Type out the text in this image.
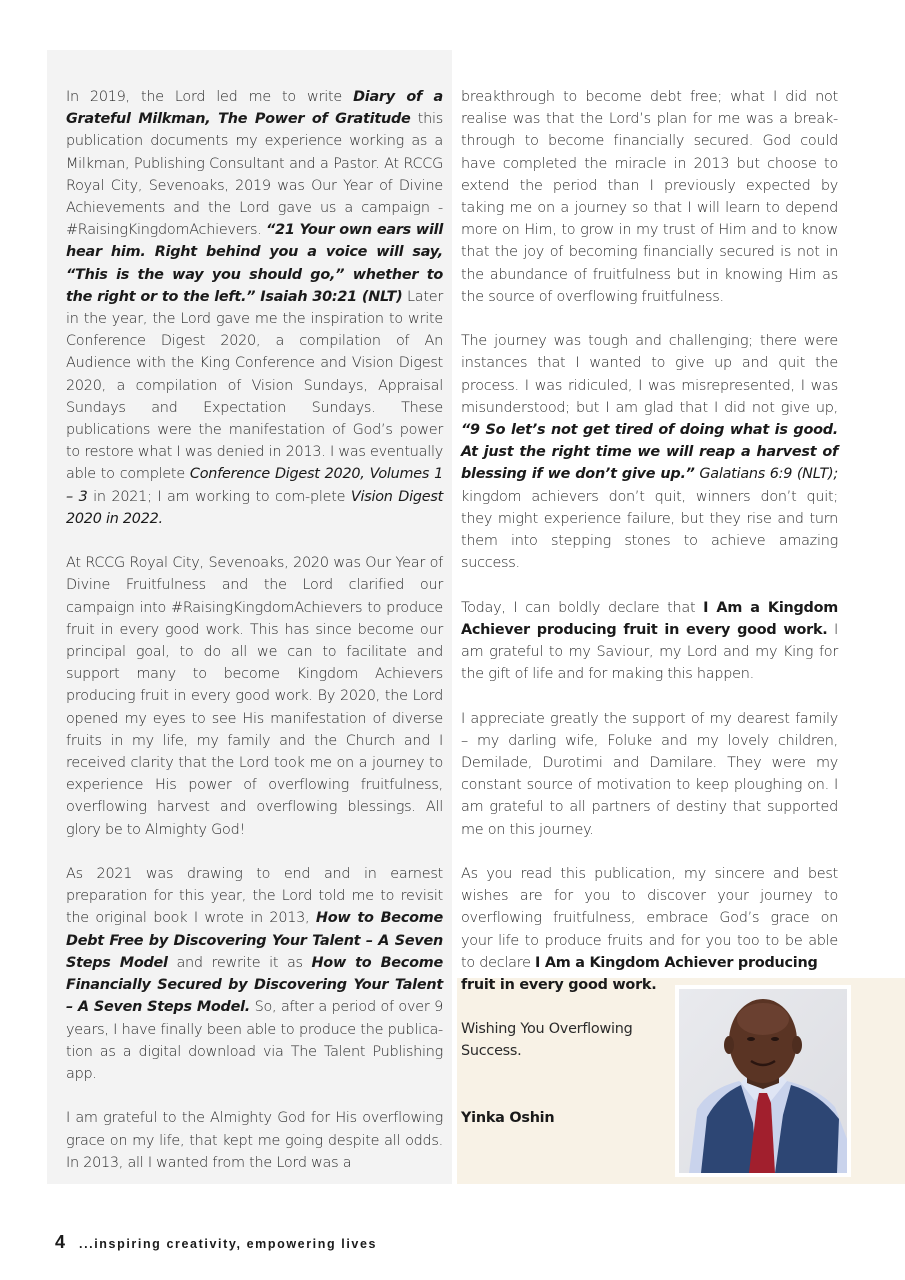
In 2019, the Lord led me to write Diary of a Grateful Milkman, The Power of Gratitude this publication documents my experience working as a Milkman, Publishing Consultant and a Pastor. At RCCG Royal City, Sevenoaks, 2019 was Our Year of Divine Achievements and the Lord gave us a campaign - #RaisingKingdomAchievers. “21 Your own ears will hear him. Right behind you a voice will say, “This is the way you should go,” whether to the right or to the left.” Isaiah 30:21 (NLT) Later in the year, the Lord gave me the inspiration to write Conference Digest 2020, a compilation of An Audience with the King Conference and Vision Digest 2020, a compilation of Vision Sundays, Appraisal Sundays and Expectation Sundays. These publications were the manifestation of God’s power to restore what I was denied in 2013. I was eventually able to complete Conference Digest 2020, Volumes 1 – 3 in 2021; I am working to com-plete Vision Digest 2020 in 2022.

At RCCG Royal City, Sevenoaks, 2020 was Our Year of Divine Fruitfulness and the Lord clarified our campaign into #RaisingKingdomAchievers to produce fruit in every good work. This has since become our principal goal, to do all we can to facilitate and support many to become Kingdom Achievers producing fruit in every good work. By 2020, the Lord opened my eyes to see His manifestation of diverse fruits in my life, my family and the Church and I received clarity that the Lord took me on a journey to experience His power of overflowing fruitfulness, overflowing harvest and overflowing blessings. All glory be to Almighty God!

As 2021 was drawing to end and in earnest preparation for this year, the Lord told me to revisit the original book I wrote in 2013, How to Become Debt Free by Discovering Your Talent – A Seven Steps Model and rewrite it as How to Become Financially Secured by Discovering Your Talent – A Seven Steps Model. So, after a period of over 9 years, I have finally been able to produce the publica-tion as a digital download via The Talent Publishing app.

I am grateful to the Almighty God for His overflowing grace on my life, that kept me going despite all odds. In 2013, all I wanted from the Lord was a

breakthrough to become debt free; what I did not realise was that the Lord’s plan for me was a break-through to become financially secured. God could have completed the miracle in 2013 but choose to extend the period than I previously expected by taking me on a journey so that I will learn to depend more on Him, to grow in my trust of Him and to know that the joy of becoming financially secured is not in the abundance of fruitfulness but in knowing Him as the source of overflowing fruitfulness.

The journey was tough and challenging; there were instances that I wanted to give up and quit the process. I was ridiculed, I was misrepresented, I was misunderstood; but I am glad that I did not give up, “9 So let’s not get tired of doing what is good. At just the right time we will reap a harvest of blessing if we don’t give up.” Galatians 6:9 (NLT); kingdom achievers don’t quit, winners don’t quit; they might experience failure, but they rise and turn them into stepping stones to achieve amazing success.

Today, I can boldly declare that I Am a Kingdom Achiever producing fruit in every good work. I am grateful to my Saviour, my Lord and my King for the gift of life and for making this happen.

I appreciate greatly the support of my dearest family – my darling wife, Foluke and my lovely children, Demilade, Durotimi and Damilare. They were my constant source of motivation to keep ploughing on. I am grateful to all partners of destiny that supported me on this journey.

As you read this publication, my sincere and best wishes are for you to discover your journey to overflowing fruitfulness, embrace God’s grace on your life to produce fruits and for you too to be able to declare I Am a Kingdom Achiever producing

fruit in every good work.

Wishing You Overflowing Success.

Yinka Oshin

4 ...inspiring creativity, empowering lives
